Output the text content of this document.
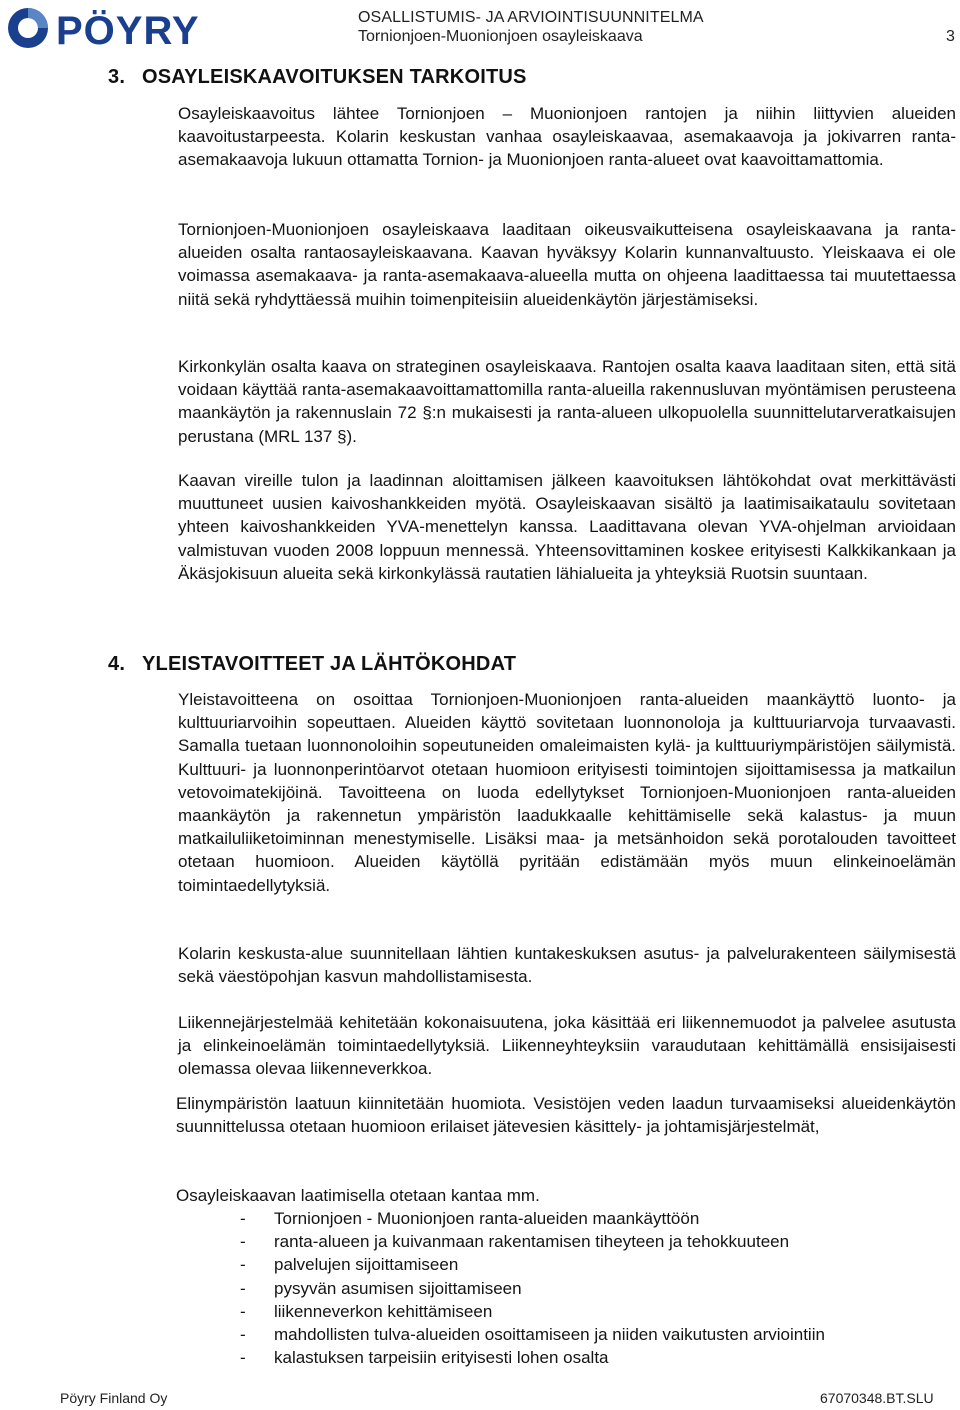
PÖYRY	OSALLISTUMIS- JA ARVIOINTISUUNNITELMA
Tornionjoen-Muonionjoen osayleiskaava	3
3. OSAYLEISKAAVOITUKSEN TARKOITUS

Osayleiskaavoitus lähtee Tornionjoen – Muonionjoen rantojen ja niihin liittyvien alueiden kaavoitustarpeesta. Kolarin keskustan vanhaa osayleiskaavaa, asemakaavoja ja jokivarren ranta-asemakaavoja lukuun ottamatta Tornion- ja Muonionjoen ranta-alueet ovat kaavoittamattomia.

Tornionjoen-Muonionjoen osayleiskaava laaditaan oikeusvaikutteisena osayleiskaavana ja ranta-alueiden osalta rantaosayleiskaavana. Kaavan hyväksyy Kolarin kunnanvaltuusto. Yleiskaava ei ole voimassa asemakaava- ja ranta-asemakaava-alueella mutta on ohjeena laadittaessa tai muutettaessa niitä sekä ryhdyttäessä muihin toimenpiteisiin alueidenkäytön järjestämiseksi.

Kirkonkylän osalta kaava on strateginen osayleiskaava. Rantojen osalta kaava laaditaan siten, että sitä voidaan käyttää ranta-asemakaavoittamattomilla ranta-alueilla rakennusluvan myöntämisen perusteena maankäytön ja rakennuslain 72 §:n mukaisesti ja ranta-alueen ulkopuolella suunnittelutarveratkaisujen perustana (MRL 137 §).

Kaavan vireille tulon ja laadinnan aloittamisen jälkeen kaavoituksen lähtökohdat ovat merkittävästi muuttuneet uusien kaivoshankkeiden myötä. Osayleiskaavan sisältö ja laatimisaikataulu sovitetaan yhteen kaivoshankkeiden YVA-menettelyn kanssa. Laadittavana olevan YVA-ohjelman arvioidaan valmistuvan vuoden 2008 loppuun mennessä. Yhteensovittaminen koskee erityisesti Kalkkikankaan ja Äkäsjokisuun alueita sekä kirkonkylässä rautatien lähialueita ja yhteyksiä Ruotsin suuntaan.

4. YLEISTAVOITTEET JA LÄHTÖKOHDAT

Yleistavoitteena on osoittaa Tornionjoen-Muonionjoen ranta-alueiden maankäyttö luonto- ja kulttuuriarvoihin sopeuttaen. Alueiden käyttö sovitetaan luonnonoloja ja kulttuuriarvoja turvaavasti. Samalla tuetaan luonnonoloihin sopeutuneiden omaleimaisten kylä- ja kulttuuriympäristöjen säilymistä. Kulttuuri- ja luonnonperintöarvot otetaan huomioon erityisesti toimintojen sijoittamisessa ja matkailun vetovoimatekijöinä. Tavoitteena on luoda edellytykset Tornionjoen-Muonionjoen ranta-alueiden maankäytön ja rakennetun ympäristön laadukkaalle kehittämiselle sekä kalastus- ja muun matkailuliiketoiminnan menestymiselle. Lisäksi maa- ja metsänhoidon sekä porotalouden tavoitteet otetaan huomioon. Alueiden käytöllä pyritään edistämään myös muun elinkeinoelämän toimintaedellytyksiä.

Kolarin keskusta-alue suunnitellaan lähtien kuntakeskuksen asutus- ja palvelurakenteen säilymisestä sekä väestöpohjan kasvun mahdollistamisesta.

Liikennejärjestelmää kehitetään kokonaisuutena, joka käsittää eri liikennemuodot ja palvelee asutusta ja elinkeinoelämän toimintaedellytyksiä. Liikenneyhteyksiin varaudutaan kehittämällä ensisijaisesti olemassa olevaa liikenneverkkoa.

Elinympäristön laatuun kiinnitetään huomiota. Vesistöjen veden laadun turvaamiseksi alueidenkäytön suunnittelussa otetaan huomioon erilaiset jätevesien käsittely- ja johtamisjärjestelmät,

Osayleiskaavan laatimisella otetaan kantaa mm.

- Tornionjoen - Muonionjoen ranta-alueiden maankäyttöön
- ranta-alueen ja kuivanmaan rakentamisen tiheyteen ja tehokkuuteen
- palvelujen sijoittamiseen
- pysyvän asumisen sijoittamiseen
- liikenneverkon kehittämiseen
- mahdollisten tulva-alueiden osoittamiseen ja niiden vaikutusten arviointiin
- kalastuksen tarpeisiin erityisesti lohen osalta
Pöyry Finland Oy	67070348.BT.SLU
